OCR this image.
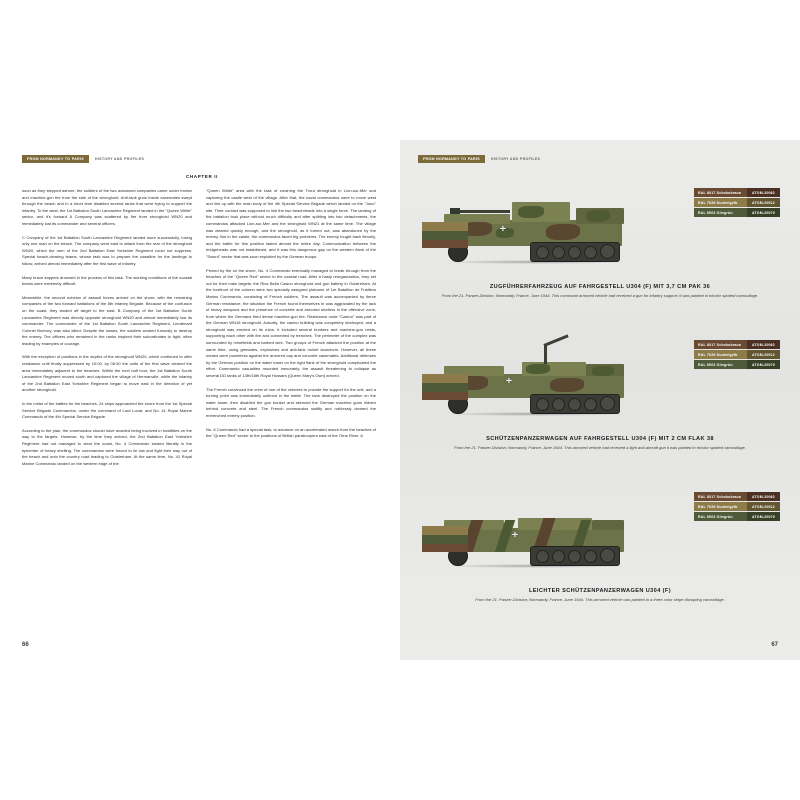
FROM NORMANDY TO PARIS	HISTORY AND PROFILES
CHAPTER II

soon as they stepped ashore, the soldiers of the two advanced companies came under mortar and machine-gun fire from the side of the stronghold. Anti-tank guns inside casemates swept through the beach and in a short time disabled several tanks that were trying to support the infantry. To the west, the 1st Battalion South Lancashire Regiment landed in the "Queen White" sector, and it's forward A Company was scattered by fire from stronghold WN20 and immediately lost its commander and several officers.

C Company of the 1st Battalion South Lancashire Regiment landed more successfully, losing only one man on the beach. The company went east to attack from the rear of the stronghold WN20, which the men of the 2nd Battalion East Yorkshire Regiment could not suppress. Special beach-clearing teams, whose task was to prepare the coastline for the landings to follow, arrived almost immediately after the first wave of infantry.

Many brave sappers drowned in the process of this task. The working conditions of the coastal teams were extremely difficult.

Meanwhile, the second echelon of assault forces arrived on the shore, with the remaining companies of the two forward battalions of the 8th Infantry Brigade. Because of the confusion on the coast, they landed off target to the east. B Company of the 1st Battalion South Lancashire Regiment was directly opposite stronghold WN20 and almost immediately lost its commander. The commander of the 1st Battalion South Lancashire Regiment, Lieutenant Colonel Burbury, was also killed. Despite the losses, the soldiers worked furiously to destroy the enemy. The officers who remained in the ranks inspired their subordinates to fight, often leading by examples of courage.

With the exception of positions in the depths of the stronghold WN20, which continued to offer resistance until finally suppressed by 10:00, by 08:30 the units of the first wave cleared the area immediately adjacent to the beaches. Within the next half hour, the 1st Battalion South Lancashire Regiment moved south and captured the village of Hermanville, while the infantry of the 2nd Battalion East Yorkshire Regiment began to move east in the direction of yet another stronghold.

In the midst of the battles for the beaches, 24 ships approached the shore from the 1st Special Service Brigade Commandos, under the command of Lord Lovat, and No. 41 Royal Marine Commando of the 4th Special Service Brigade.

According to the plan, the commandos should have avoided being involved in hostilities on the way to the targets. However, by the time they arrived, the 2nd Battalion East Yorkshire Regiment had not managed to clear the coast, No. 4 Commando landed literally in the epicenter of heavy shelling. The commandos were forced to lie low and fight their way out of the beach and onto the country road leading to Ouistreham. At the same time, No. 41 Royal Marine Commando landed on the western edge of the

"Queen White" area with the task of crushing the Trout stronghold in Lion-sur-Mer and capturing the castle west of the village. After that, the naval commandos were to move west and link up with the main body of the 4th Special Service Brigade which landed on the "Juno" site. Their contact was supposed to link the two beachheads into a single force. The landing of the battalion took place without much difficulty and after splitting into two detachments, the commandos attacked Lion-sur-Mer and the stronghold WN21 at the same time. The village was cleared quickly enough, and the stronghold, as it turned out, was abandoned by the enemy. But in the castle, the commandos faced big problems. The enemy fought back fiercely, and the battle for this position lasted almost the entire day. Communication between the bridgeheads was not established, and it was this dangerous gap on the western flank of the "Sword" sector that was soon exploited by the German troops.

Pinned by fire on the shore, No. 4 Commando eventually managed to break through from the beaches of the "Queen Red" sector to the coastal road. After a hasty reorganization, they set out for their main targets: the Riva Bella Casino stronghold and gun battery in Ouistreham. At the forefront of the column were two specially assigned platoons of 1er Bataillon de Fusiliers Marins Commando, consisting of French soldiers. The assault was accompanied by fierce German resistance, the situation the French found themselves in was aggravated by the lack of heavy weapons and the presence of concrete and armored shelters in the offensive zone, from where the Germans fired dense machine-gun fire. Resistance node "Casino" was part of the German WN18 stronghold. Actually, the casino building was completely destroyed, and a stronghold was erected on its ruins. It included several bunkers and machine-gun nests, supporting each other with fire and connected by trenches. The perimeter of the complex was surrounded by minefields and barbed wire. Two groups of French attacked the position at the same time, using grenades, explosives and anti-tank rocket launchers. However, all these means were powerless against the armored cap and concrete casemates. Additional defenses by the German position on the water tower on the right flank of the stronghold complicated the effort. Commando casualties mounted inexorably, the assault threatening to collapse as several DD tanks of 13th/18th Royal Hussars (Queen Mary's Own) arrived.

The French convinced the crew of one of the vehicles to provide fire support for the unit, and a turning point was immediately outlined in the battle. The tank destroyed the position on the water tower, then disabled the gun bunker and silenced the German machine guns hidden behind concrete and steel. The French commandos swiftly and ruthlessly cleared the entrenched enemy position.

No. 6 Commando had a special task, to advance on an accelerated march from the beaches of the "Queen Red" sector to the positions of British paratroopers east of the Orne River. A

66
FROM NORMANDY TO PARIS	HISTORY AND PROFILES
✛
RAL 8017 Schokobraun	ATOM-20062
RAL 7028 Dunkelgelb	ATOM-20012
RAL 6003 Olivgrün	ATOM-20079
ZUGFÜHRERFAHRZEUG AUF FAHRGESTELL U304 (F) MIT 3,7 CM PAK 36
From the 21. Panzer-Division; Normandy, France, June 1944. This command armored vehicle had received a gun for infantry support; it was painted in tricolor spotted camouflage.
✛
RAL 8017 Schokobraun	ATOM-20062
RAL 7028 Dunkelgelb	ATOM-20012
RAL 6003 Olivgrün	ATOM-20079
SCHÜTZENPANZERWAGEN AUF FAHRGESTELL U304 (F) MIT 2 CM FLAK 38
From the 21. Panzer-Division; Normandy, France, June 1944. This armored vehicle had received a light anti-aircraft gun it was painted in tricolor spotted camouflage.
✛
RAL 8017 Schokobraun	ATOM-20062
RAL 7028 Dunkelgelb	ATOM-20012
RAL 6003 Olivgrün	ATOM-20079
LEICHTER SCHÜTZENPANZERWAGEN U304 (F)
From the 21. Panzer-Division; Normandy, France, June 1944. This armored vehicle was painted in a three-color stripe disrupting camouflage.
67
